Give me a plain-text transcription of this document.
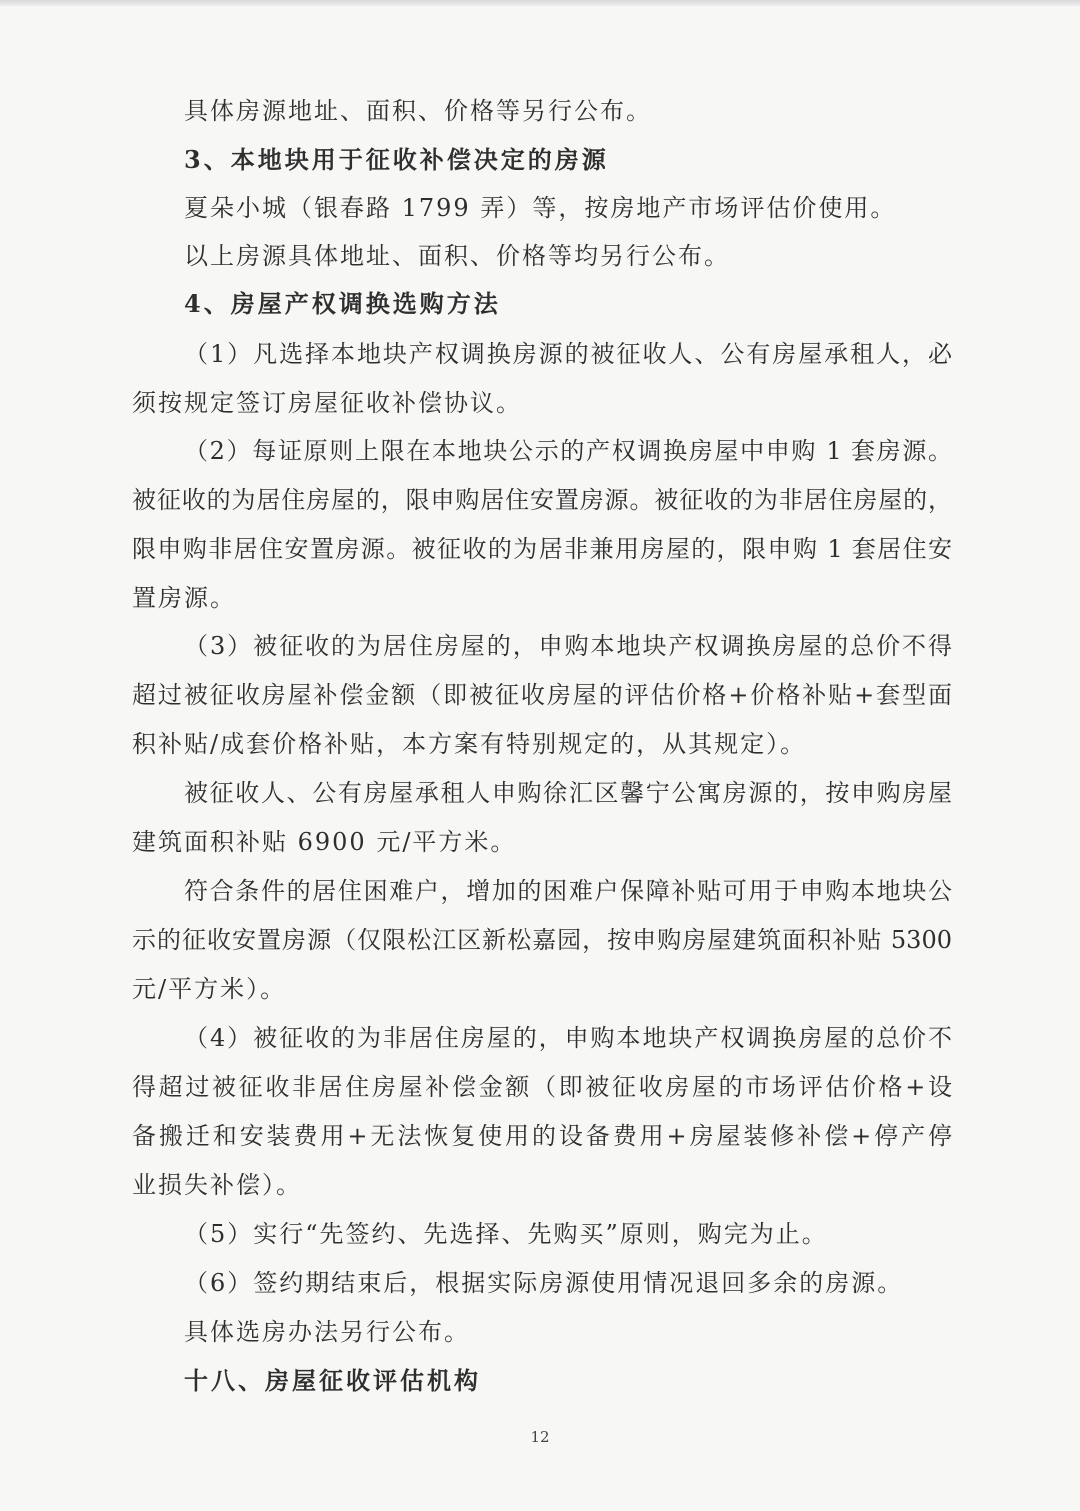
具体房源地址、面积、价格等另行公布。
3、本地块用于征收补偿决定的房源
夏朵小城（银春路 1799 弄）等，按房地产市场评估价使用。
以上房源具体地址、面积、价格等均另行公布。
4、房屋产权调换选购方法
（1）凡选择本地块产权调换房源的被征收人、公有房屋承租人，必
须按规定签订房屋征收补偿协议。
（2）每证原则上限在本地块公示的产权调换房屋中申购 1 套房源。
被征收的为居住房屋的，限申购居住安置房源。被征收的为非居住房屋的，
限申购非居住安置房源。被征收的为居非兼用房屋的，限申购 1 套居住安
置房源。
（3）被征收的为居住房屋的，申购本地块产权调换房屋的总价不得
超过被征收房屋补偿金额（即被征收房屋的评估价格+价格补贴+套型面
积补贴/成套价格补贴，本方案有特别规定的，从其规定）。
被征收人、公有房屋承租人申购徐汇区馨宁公寓房源的，按申购房屋
建筑面积补贴 6900 元/平方米。
符合条件的居住困难户，增加的困难户保障补贴可用于申购本地块公
示的征收安置房源（仅限松江区新松嘉园，按申购房屋建筑面积补贴 5300
元/平方米）。
（4）被征收的为非居住房屋的，申购本地块产权调换房屋的总价不
得超过被征收非居住房屋补偿金额（即被征收房屋的市场评估价格+设
备搬迁和安装费用+无法恢复使用的设备费用+房屋装修补偿+停产停
业损失补偿）。
（5）实行“先签约、先选择、先购买”原则，购完为止。
（6）签约期结束后，根据实际房源使用情况退回多余的房源。
具体选房办法另行公布。
十八、房屋征收评估机构
12
